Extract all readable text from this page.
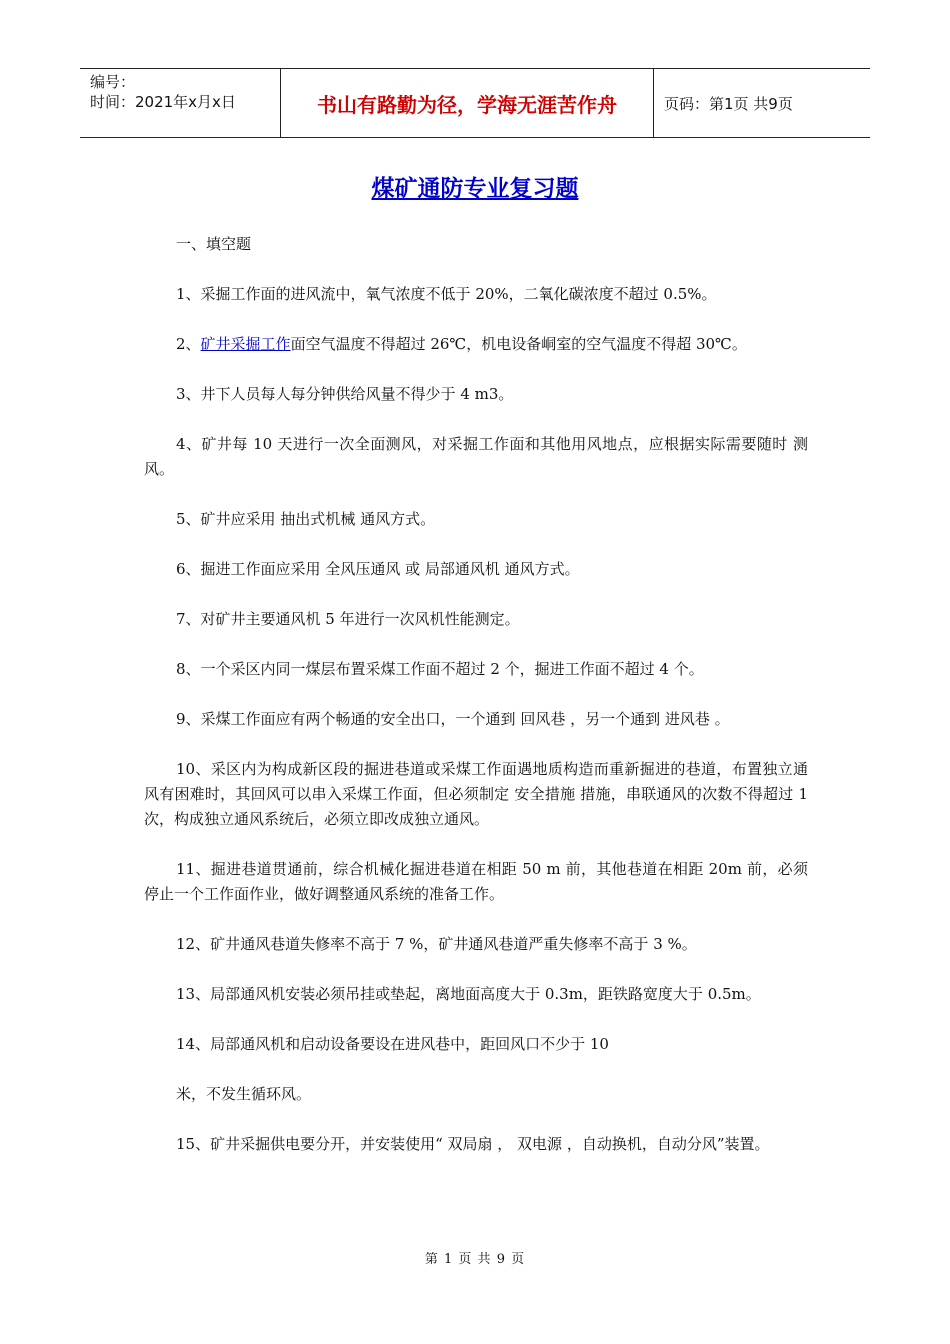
编号：
时间：2021年x月x日	书山有路勤为径，学海无涯苦作舟	页码：第1页 共9页
煤矿通防专业复习题

一、填空题

1、采掘工作面的进风流中，氧气浓度不低于 20%，二氧化碳浓度不超过 0.5%。

2、矿井采掘工作面空气温度不得超过 26℃，机电设备峒室的空气温度不得超 30℃。

3、井下人员每人每分钟供给风量不得少于 4 m3。

4、矿井每 10 天进行一次全面测风，对采掘工作面和其他用风地点，应根据实际需要随时 测风。

5、矿井应采用 抽出式机械 通风方式。

6、掘进工作面应采用 全风压通风 或 局部通风机 通风方式。

7、对矿井主要通风机 5 年进行一次风机性能测定。

8、一个采区内同一煤层布置采煤工作面不超过 2 个，掘进工作面不超过 4 个。

9、采煤工作面应有两个畅通的安全出口，一个通到 回风巷 ，另一个通到 进风巷 。

10、采区内为构成新区段的掘进巷道或采煤工作面遇地质构造而重新掘进的巷道，布置独立通风有困难时，其回风可以串入采煤工作面，但必须制定 安全措施 措施，串联通风的次数不得超过 1 次，构成独立通风系统后，必须立即改成独立通风。

11、掘进巷道贯通前，综合机械化掘进巷道在相距 50 m 前，其他巷道在相距 20m 前，必须停止一个工作面作业，做好调整通风系统的准备工作。

12、矿井通风巷道失修率不高于 7 %，矿井通风巷道严重失修率不高于 3 %。

13、局部通风机安装必须吊挂或垫起，离地面高度大于 0.3m，距铁路宽度大于 0.5m。

14、局部通风机和启动设备要设在进风巷中，距回风口不少于 10

米，不发生循环风。

15、矿井采掘供电要分开，并安装使用“ 双局扇 ， 双电源 ，自动换机，自动分风”装置。

第 1 页 共 9 页
